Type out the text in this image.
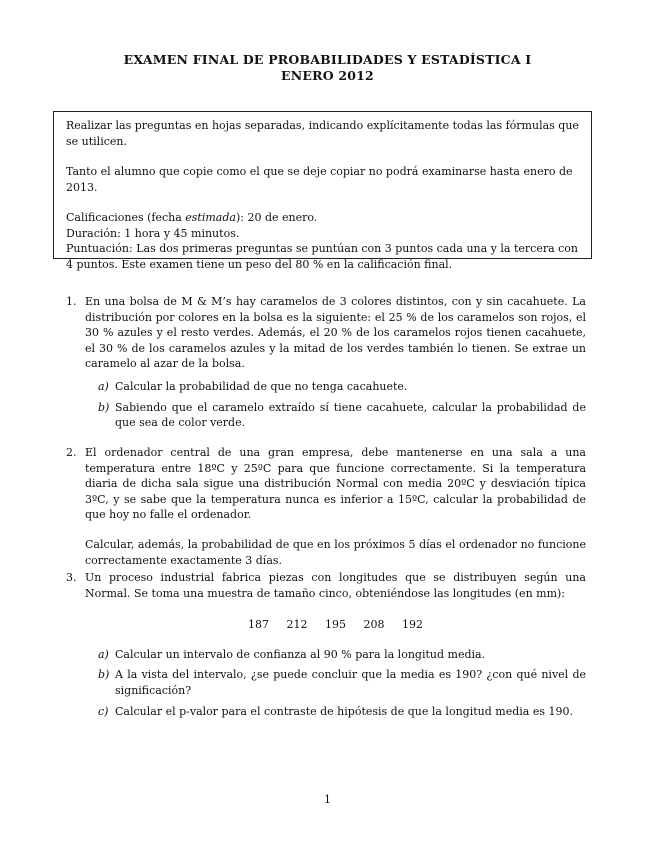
EXAMEN FINAL DE PROBABILIDADES Y ESTADÍSTICA I
ENERO 2012

Realizar las preguntas en hojas separadas, indicando explícitamente todas las fórmulas que se utilicen.

Tanto el alumno que copie como el que se deje copiar no podrá examinarse hasta enero de 2013.

Calificaciones (fecha estimada): 20 de enero.

Duración: 1 hora y 45 minutos.

Puntuación: Las dos primeras preguntas se puntúan con 3 puntos cada una y la tercera con 4 puntos. Este examen tiene un peso del 80 % en la calificación final.

1. En una bolsa de M & M’s hay caramelos de 3 colores distintos, con y sin cacahuete. La distribución por colores en la bolsa es la siguiente: el 25 % de los caramelos son rojos, el 30 % azules y el resto verdes. Además, el 20 % de los caramelos rojos tienen cacahuete, el 30 % de los caramelos azules y la mitad de los verdes también lo tienen. Se extrae un caramelo al azar de la bolsa.

a) Calcular la probabilidad de que no tenga cacahuete.
b) Sabiendo que el caramelo extraído sí tiene cacahuete, calcular la probabilidad de que sea de color verde.
2. El ordenador central de una gran empresa, debe mantenerse en una sala a una temperatura entre 18ºC y 25ºC para que funcione correctamente. Si la temperatura diaria de dicha sala sigue una distribución Normal con media 20ºC y desviación típica 3ºC, y se sabe que la temperatura nunca es inferior a 15ºC, calcular la probabilidad de que hoy no falle el ordenador.

Calcular, además, la probabilidad de que en los próximos 5 días el ordenador no funcione correctamente exactamente 3 días.

3. Un proceso industrial fabrica piezas con longitudes que se distribuyen según una Normal. Se toma una muestra de tamaño cinco, obteniéndose las longitudes (en mm):

187 212 195 208 192
a) Calcular un intervalo de confianza al 90 % para la longitud media.
b) A la vista del intervalo, ¿se puede concluir que la media es 190? ¿con qué nivel de significación?
c) Calcular el p-valor para el contraste de hipótesis de que la longitud media es 190.
1
